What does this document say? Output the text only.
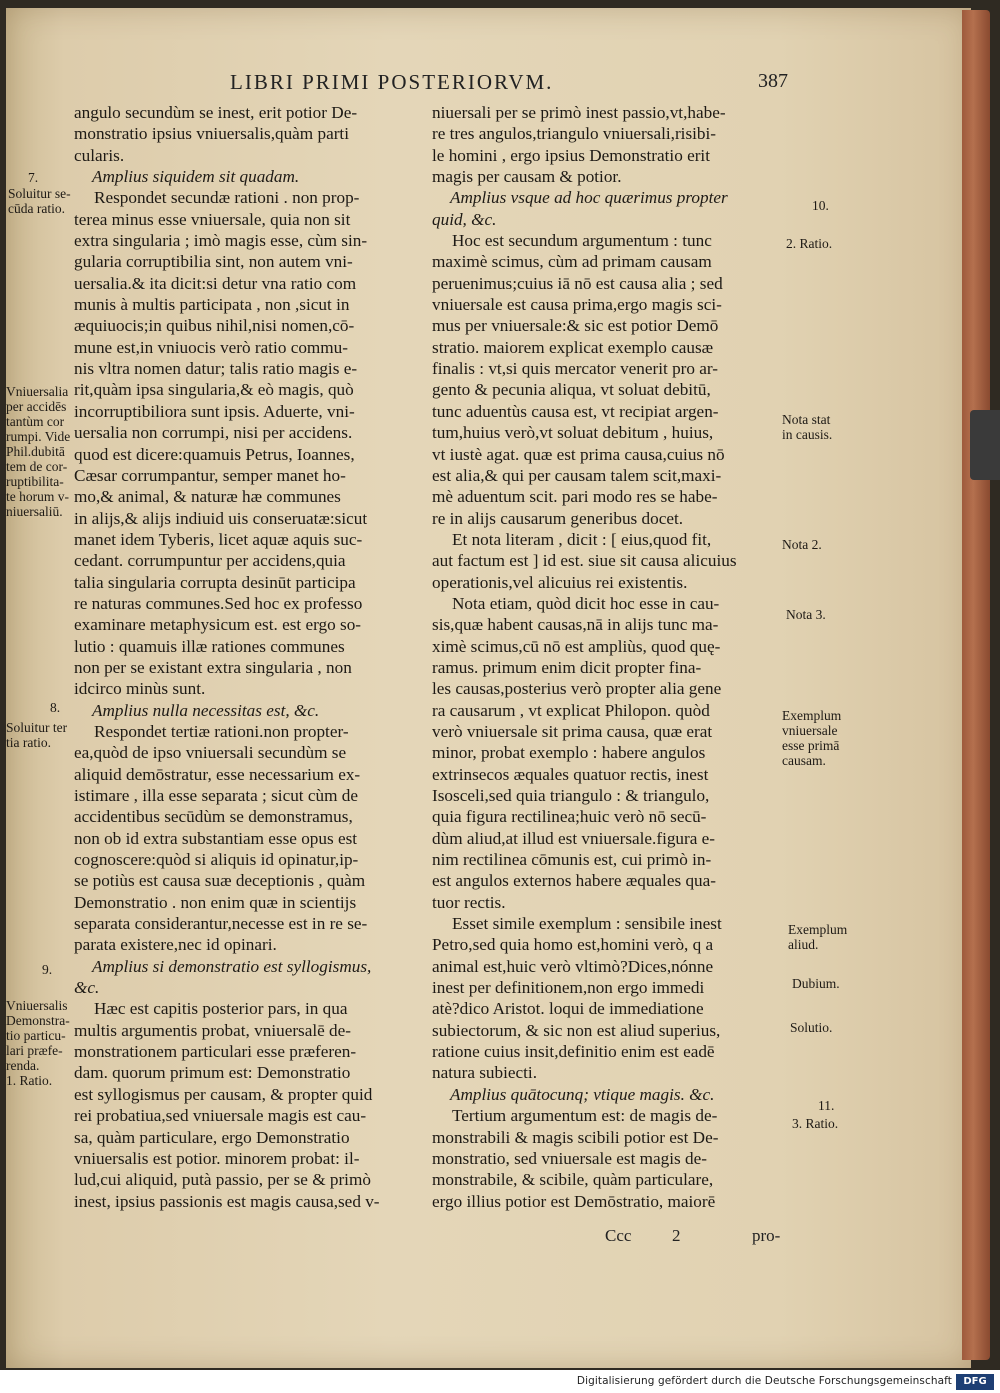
LIBRI PRIMI POSTERIORVM.	387

angulo secundùm se inest, erit potior De-

monstratio ipsius vniuersalis,quàm parti

cularis.

Amplius siquidem sit quadam.

Respondet secundæ rationi . non prop-

terea minus esse vniuersale, quia non sit

extra singularia ; imò magis esse, cùm sin-

gularia corruptibilia sint, non autem vni-

uersalia.& ita dicit:si detur vna ratio com

munis à multis participata , non ,sicut in

æquiuocis;in quibus nihil,nisi nomen,cō-

mune est,in vniuocis verò ratio commu-

nis vltra nomen datur; talis ratio magis e-

rit,quàm ipsa singularia,& eò magis, quò

incorruptibiliora sunt ipsis. Aduerte, vni-

uersalia non corrumpi, nisi per accidens.

quod est dicere:quamuis Petrus, Ioannes,

Cæsar corrumpantur, semper manet ho-

mo,& animal, & naturæ hæ communes

in alijs,& alijs indiuid uis conseruatæ:sicut

manet idem Tyberis, licet aquæ aquis suc-

cedant. corrumpuntur per accidens,quia

talia singularia corrupta desinūt participa

re naturas communes.Sed hoc ex professo

examinare metaphysicum est. est ergo so-

lutio : quamuis illæ rationes communes

non per se existant extra singularia , non

idcirco minùs sunt.

Amplius nulla necessitas est, &c.

Respondet tertiæ rationi.non propter-

ea,quòd de ipso vniuersali secundùm se

aliquid demōstratur, esse necessarium ex-

istimare , illa esse separata ; sicut cùm de

accidentibus secūdùm se demonstramus,

non ob id extra substantiam esse opus est

cognoscere:quòd si aliquis id opinatur,ip-

se potiùs est causa suæ deceptionis , quàm

Demonstratio . non enim quæ in scientijs

separata considerantur,necesse est in re se-

parata existere,nec id opinari.

Amplius si demonstratio est syllogismus,

&c.

Hæc est capitis posterior pars, in qua

multis argumentis probat, vniuersalē de-

monstrationem particulari esse præferen-

dam. quorum primum est: Demonstratio

est syllogismus per causam, & propter quid

rei probatiua,sed vniuersale magis est cau-

sa, quàm particulare, ergo Demonstratio

vniuersalis est potior. minorem probat: il-

lud,cui aliquid, putà passio, per se & primò

inest, ipsius passionis est magis causa,sed v-

niuersali per se primò inest passio,vt,habe-

re tres angulos,triangulo vniuersali,risibi-

le homini , ergo ipsius Demonstratio erit

magis per causam & potior.

Amplius vsque ad hoc quærimus propter

quid, &c.

Hoc est secundum argumentum : tunc

maximè scimus, cùm ad primam causam

peruenimus;cuius iā nō est causa alia ; sed

vniuersale est causa prima,ergo magis sci-

mus per vniuersale:& sic est potior Demō

stratio. maiorem explicat exemplo causæ

finalis : vt,si quis mercator venerit pro ar-

gento & pecunia aliqua, vt soluat debitū,

tunc aduentùs causa est, vt recipiat argen-

tum,huius verò,vt soluat debitum , huius,

vt iustè agat. quæ est prima causa,cuius nō

est alia,& qui per causam talem scit,maxi-

mè aduentum scit. pari modo res se habe-

re in alijs causarum generibus docet.

Et nota literam , dicit : [ eius,quod fit,

aut factum est ] id est. siue sit causa alicuius

operationis,vel alicuius rei existentis.

Nota etiam, quòd dicit hoc esse in cau-

sis,quæ habent causas,nā in alijs tunc ma-

ximè scimus,cū nō est ampliùs, quod quę-

ramus. primum enim dicit propter fina-

les causas,posterius verò propter alia gene

ra causarum , vt explicat Philopon. quòd

verò vniuersale sit prima causa, quæ erat

minor, probat exemplo : habere angulos

extrinsecos æquales quatuor rectis, inest

Isosceli,sed quia triangulo : & triangulo,

quia figura rectilinea;huic verò nō secū-

dùm aliud,at illud est vniuersale.figura e-

nim rectilinea cōmunis est, cui primò in-

est angulos externos habere æquales qua-

tuor rectis.

Esset simile exemplum : sensibile inest

Petro,sed quia homo est,homini verò, q a

animal est,huic verò vltimò?Dices,nónne

inest per definitionem,non ergo immedi

atè?dico Aristot. loqui de immediatione

subiectorum, & sic non est aliud superius,

ratione cuius insit,definitio enim est eadē

natura subiecti.

Amplius quātocunq; vtique magis. &c.

Tertium argumentum est: de magis de-

monstrabili & magis scibili potior est De-

monstratio, sed vniuersale est magis de-

monstrabile, & scibile, quàm particulare,

ergo illius potior est Demōstratio, maiorē

7.
Soluitur se-
cūda ratio.
Vniuersalia
per accidēs
tantùm cor
rumpi. Vide
Phil.dubitā
tem de cor-
ruptibilita-
te horum v-
niuersaliū.
8.
Soluitur ter
tia ratio.
9.
Vniuersalis
Demonstra-
tio particu-
lari præfe-
renda.
1. Ratio.
10.
2. Ratio.
Nota stat
in causis.
Nota 2.
Nota 3.
Exemplum
vniuersale
esse primā
causam.
Exemplum
aliud.
Dubium.
Solutio.
11.
3. Ratio.
Ccc 2	pro-
Digitalisierung gefördert durch die Deutsche Forschungsgemeinschaft	DFG
